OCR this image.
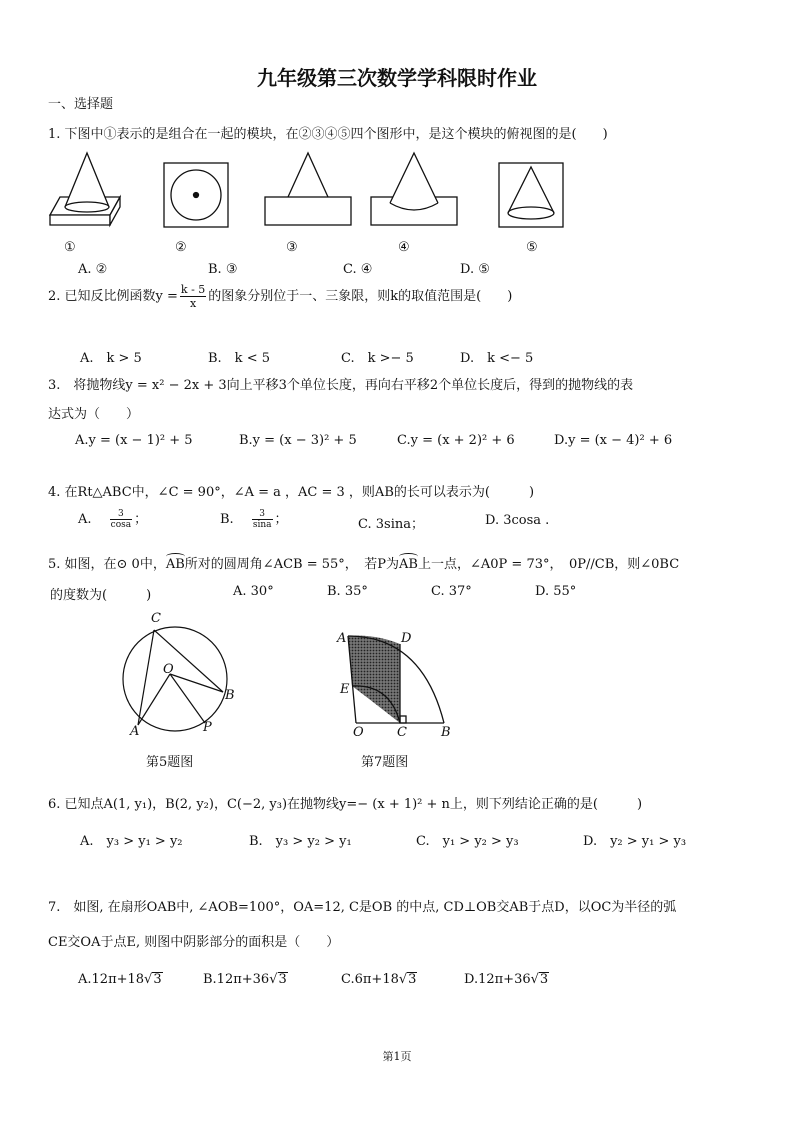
九年级第三次数学学科限时作业
一、选择题
1. 下图中①表示的是组合在一起的模块，在②③④⑤四个图形中，是这个模块的俯视图的是(　　)
①	②	③	④	⑤
A. ②	B. ③	C. ④	D. ⑤
2. 已知反比例函数$y = \frac{k - 5}{x}$ 的图象分别位于一、三象限，则k的取值范围是(　　)
A.　k > 5	B.　k < 5	C.　k >− 5	D.　k <− 5
3.　将抛物线y = x² − 2x + 3向上平移3个单位长度，再向右平移2个单位长度后，得到的抛物线的表
达式为（　　）
A.y = (x − 1)² + 5	B.y = (x − 3)² + 5	C.y = (x + 2)² + 6	D.y = (x − 4)² + 6
4. 在Rt△ABC中，∠C = 90°，∠A = a ，AC = 3 ，则AB的长可以表示为(　　　)
A. $\frac{3}{\cos a}$ ；	B. $\frac{3}{\sin a}$ ；	C. 3sina；	D. 3cosa .
5. 如图，在⊙ 0中，AB所对的圆周角∠ACB = 55°，　若P为AB上一点，∠A0P = 73°，　0P//CB，则∠0BC
的度数为(　　　)	A. 30°	B. 35°	C. 37°	D. 55°
C
O
B
A	P
第5题图
A	D
E
O	C	B
第7题图
6. 已知点A(1, y₁)，B(2, y₂)，C(−2, y₃)在抛物线y=− (x + 1)² + n上，则下列结论正确的是(　　　)
A.　y₃ > y₁ > y₂	B.　y₃ > y₂ > y₁	C.　y₁ > y₂ > y₃	D.　y₂ > y₁ > y₃
7.　如图, 在扇形OAB中, ∠AOB=100°，OA=12, C是OB 的中点, CD⊥OB交AB于点D，以OC为半径的弧
CE交OA于点E, 则图中阴影部分的面积是（　　）
A.12π+18√3	B.12π+36√3	C.6π+18√3	D.12π+36√3
第1页
